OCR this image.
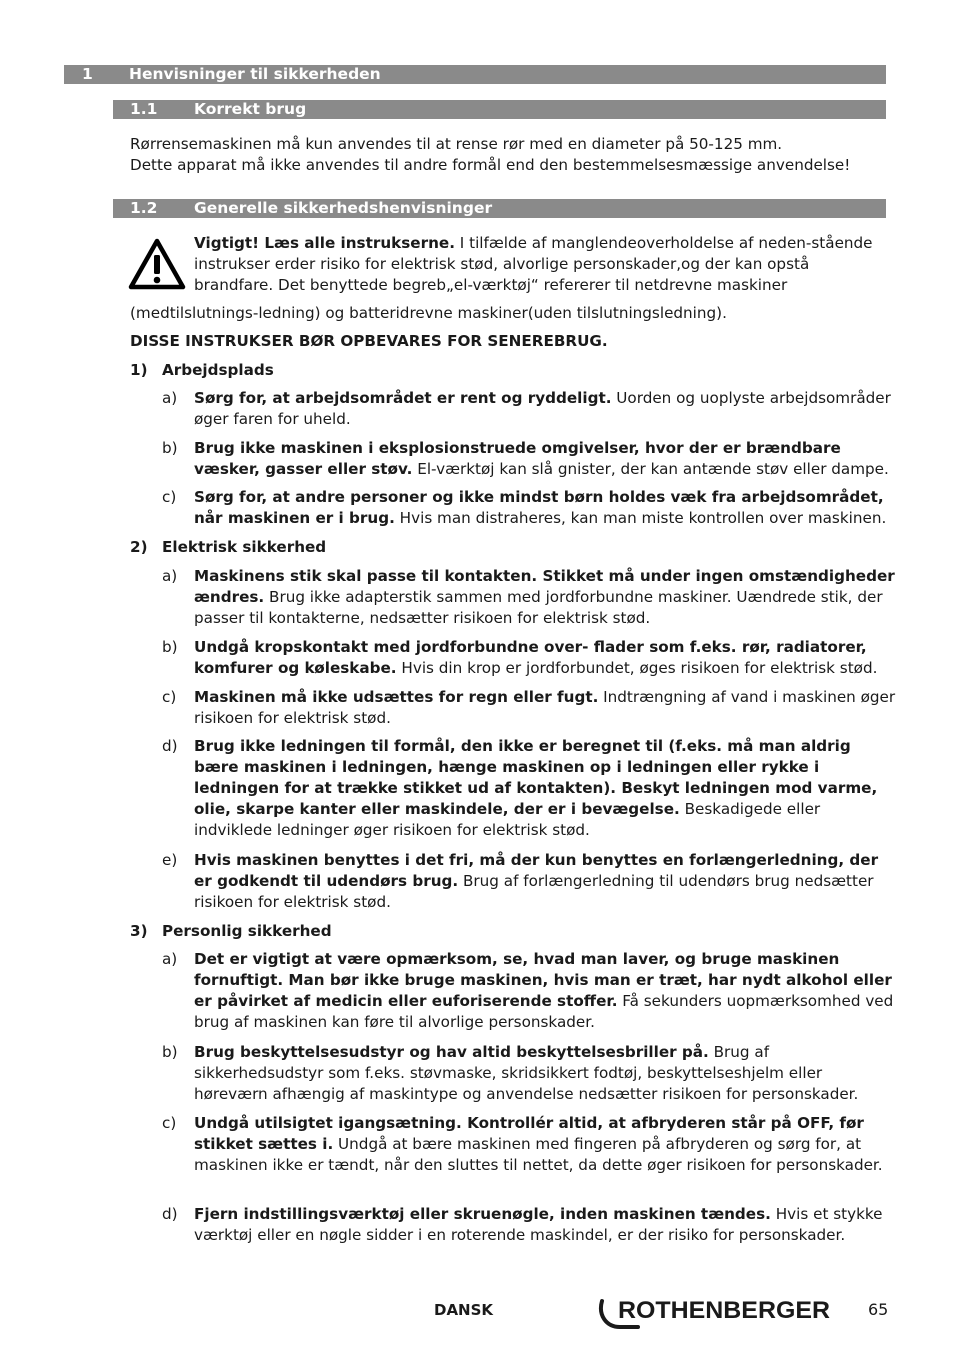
1 Henvisninger til sikkerheden
1.1 Korrekt brug
Rørrensemaskinen må kun anvendes til at rense rør med en diameter på 50-125 mm.
Dette apparat må ikke anvendes til andre formål end den bestemmelsesmæssige anvendelse!
1.2 Generelle sikkerhedshenvisninger
Vigtigt! Læs alle instrukserne. I tilfælde af manglendeoverholdelse af neden-stående instrukser erder risiko for elektrisk stød, alvorlige personskader,og der kan opstå brandfare. Det benyttede begreb„el-værktøj“ refererer til netdrevne maskiner
(medtilslutnings-ledning) og batteridrevne maskiner(uden tilslutningsledning).
DISSE INSTRUKSER BØR OPBEVARES FOR SENEREBRUG.
1) Arbejdsplads
a) Sørg for, at arbejdsområdet er rent og ryddeligt. Uorden og uoplyste arbejdsområder øger faren for uheld.
b) Brug ikke maskinen i eksplosionstruede omgivelser, hvor der er brændbare væsker, gasser eller støv. El-værktøj kan slå gnister, der kan antænde støv eller dampe.
c) Sørg for, at andre personer og ikke mindst børn holdes væk fra arbejdsområdet, når maskinen er i brug. Hvis man distraheres, kan man miste kontrollen over maskinen.
2) Elektrisk sikkerhed
a) Maskinens stik skal passe til kontakten. Stikket må under ingen omstændigheder ændres. Brug ikke adapterstik sammen med jordforbundne maskiner. Uændrede stik, der passer til kontakterne, nedsætter risikoen for elektrisk stød.
b) Undgå kropskontakt med jordforbundne over- flader som f.eks. rør, radiatorer, komfurer og køleskabe. Hvis din krop er jordforbundet, øges risikoen for elektrisk stød.
c) Maskinen må ikke udsættes for regn eller fugt. Indtrængning af vand i maskinen øger risikoen for elektrisk stød.
d) Brug ikke ledningen til formål, den ikke er beregnet til (f.eks. må man aldrig bære maskinen i ledningen, hænge maskinen op i ledningen eller rykke i ledningen for at trække stikket ud af kontakten). Beskyt ledningen mod varme, olie, skarpe kanter eller maskindele, der er i bevægelse. Beskadigede eller indviklede ledninger øger risikoen for elektrisk stød.
e) Hvis maskinen benyttes i det fri, må der kun benyttes en forlængerledning, der er godkendt til udendørs brug. Brug af forlængerledning til udendørs brug nedsætter risikoen for elektrisk stød.
3) Personlig sikkerhed
a) Det er vigtigt at være opmærksom, se, hvad man laver, og bruge maskinen fornuftigt. Man bør ikke bruge maskinen, hvis man er træt, har nydt alkohol eller er påvirket af medicin eller euforiserende stoffer. Få sekunders uopmærksomhed ved brug af maskinen kan føre til alvorlige personskader.
b) Brug beskyttelsesudstyr og hav altid beskyttelsesbriller på. Brug af sikkerhedsudstyr som f.eks. støvmaske, skridsikkert fodtøj, beskyttelseshjelm eller høreværn afhængig af maskintype og anvendelse nedsætter risikoen for personskader.
c) Undgå utilsigtet igangsætning. Kontrollér altid, at afbryderen står på OFF, før stikket sættes i. Undgå at bære maskinen med fingeren på afbryderen og sørg for, at maskinen ikke er tændt, når den sluttes til nettet, da dette øger risikoen for personskader.
d) Fjern indstillingsværktøj eller skruenøgle, inden maskinen tændes. Hvis et stykke værktøj eller en nøgle sidder i en roterende maskindel, er der risiko for personskader.
DANSK	ROTHENBERGER 65
